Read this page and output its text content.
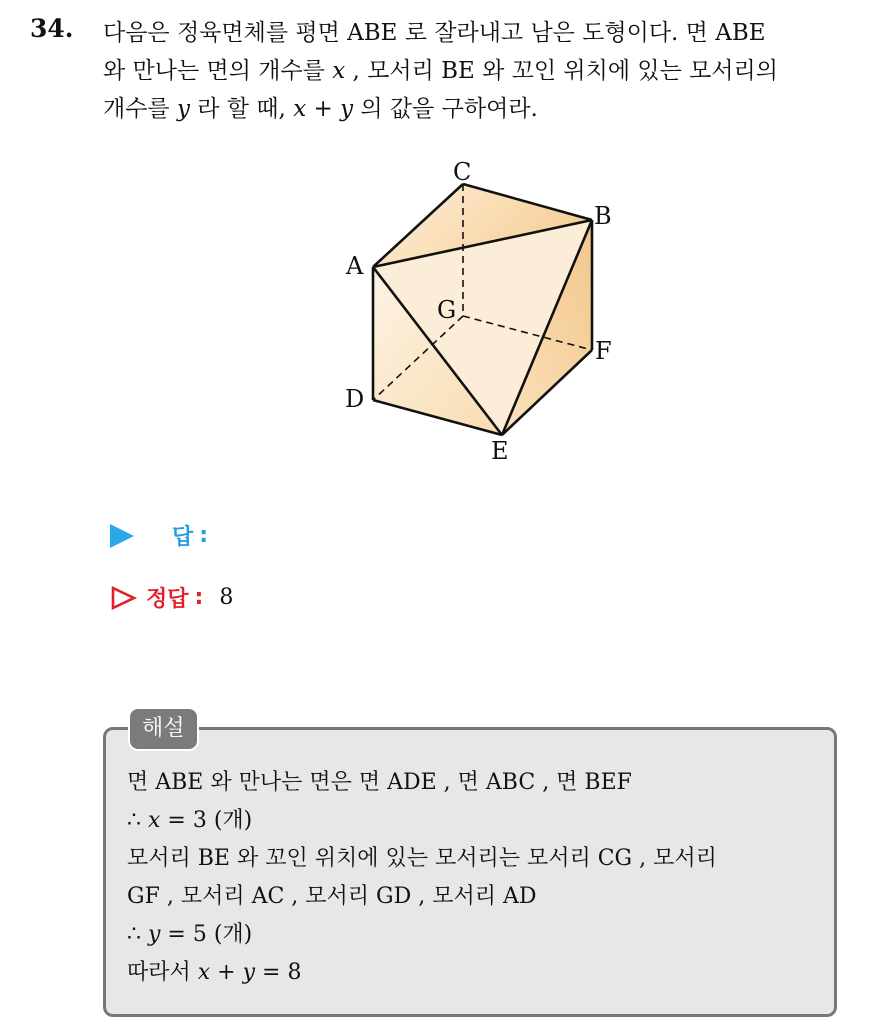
34. 다음은 정육면체를 평면 ABE 로 잘라내고 남은 도형이다. 면 ABE
와 만나는 면의 개수를 x , 모서리 BE 와 꼬인 위치에 있는 모서리의
개수를 y 라 할 때, x + y 의 값을 구하여라.
C
B
A
G
F
D
E
답 :
정답 : 8
해설
면 ABE 와 만나는 면은 면 ADE , 면 ABC , 면 BEF
∴ x = 3 (개)
모서리 BE 와 꼬인 위치에 있는 모서리는 모서리 CG , 모서리
GF , 모서리 AC , 모서리 GD , 모서리 AD
∴ y = 5 (개)
따라서 x + y = 8
